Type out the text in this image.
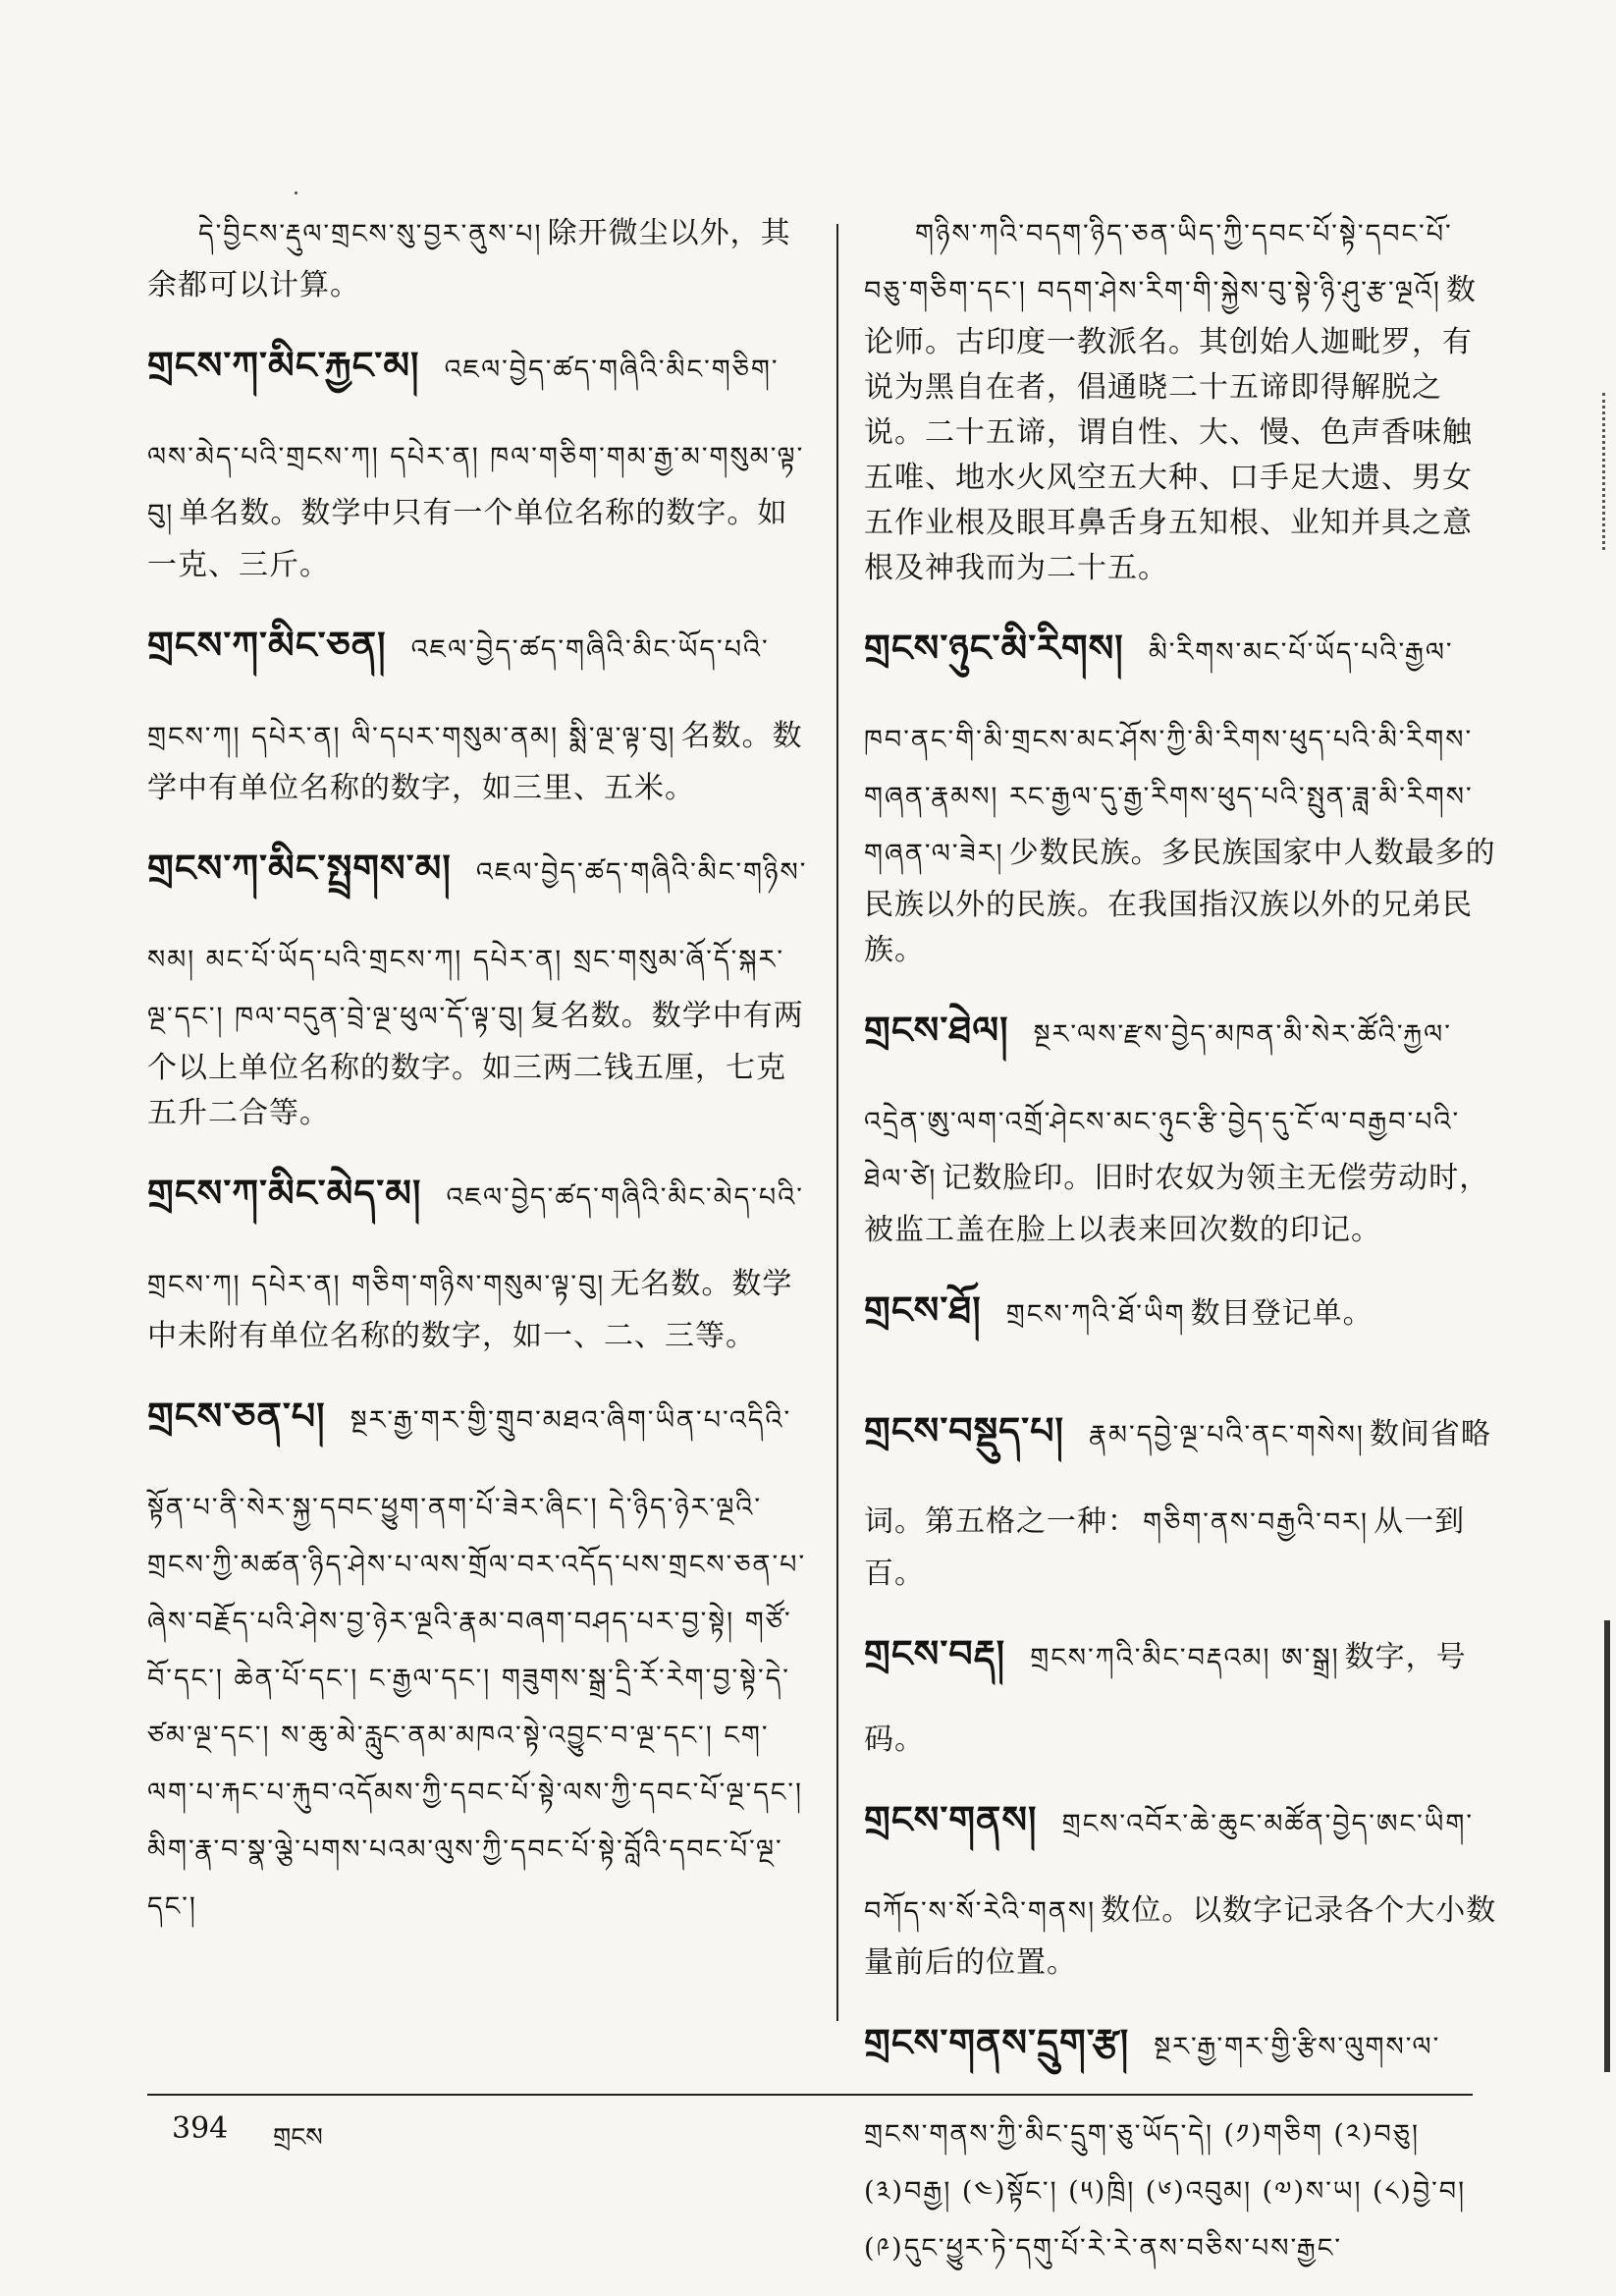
དེ་བྱིངས་རྡུལ་གྲངས་སུ་བྱར་ནུས་པ། 除开微尘以外，其余都可以计算。
གྲངས་ཀ་མིང་རྐྱང་མ། འཇལ་བྱེད་ཚད་གཞིའི་མིང་གཅིག་ལས་མེད་པའི་གྲངས་ཀ། དཔེར་ན། ཁལ་གཅིག་གམ་རྒྱ་མ་གསུམ་ལྟ་བུ། 单名数。数学中只有一个单位名称的数字。如一克、三斤。
གྲངས་ཀ་མིང་ཅན། འཇལ་བྱེད་ཚད་གཞིའི་མིང་ཡོད་པའི་གྲངས་ཀ། དཔེར་ན། ལི་དཔར་གསུམ་ནམ། སྨི་ལྔ་ལྟ་བུ། 名数。数学中有单位名称的数字，如三里、五米。
གྲངས་ཀ་མིང་སྤྲགས་མ། འཇལ་བྱེད་ཚད་གཞིའི་མིང་གཉིས་སམ། མང་པོ་ཡོད་པའི་གྲངས་ཀ། དཔེར་ན། སྲང་གསུམ་ཞོ་དོ་སྐར་ལྔ་དང་། ཁལ་བདུན་བྲེ་ལྔ་ཕུལ་དོ་ལྟ་བུ། 复名数。数学中有两个以上单位名称的数字。如三两二钱五厘，七克五升二合等。
གྲངས་ཀ་མིང་མེད་མ། འཇལ་བྱེད་ཚད་གཞིའི་མིང་མེད་པའི་གྲངས་ཀ། དཔེར་ན། གཅིག་གཉིས་གསུམ་ལྟ་བུ། 无名数。数学中未附有单位名称的数字，如一、二、三等。
གྲངས་ཅན་པ། སྔར་རྒྱ་གར་གྱི་གྲུབ་མཐའ་ཞིག་ཡིན་པ་འདིའི་སྟོན་པ་ནི་སེར་སྐྱ་དབང་ཕྱུག་ནག་པོ་ཟེར་ཞིང་། དེ་ཉིད་ཉེར་ལྔའི་གྲངས་ཀྱི་མཚན་ཉིད་ཤེས་པ་ལས་གྲོལ་བར་འདོད་པས་གྲངས་ཅན་པ་ཞེས་བརྗོད་པའི་ཤེས་བྱ་ཉེར་ལྔའི་རྣམ་བཞག་བཤད་པར་བྱ་སྟེ། གཙོ་བོ་དང་། ཆེན་པོ་དང་། ང་རྒྱལ་དང་། གཟུགས་སྒྲ་དྲི་རོ་རེག་བྱ་སྟེ་དེ་ཙམ་ལྔ་དང་། ས་ཆུ་མེ་རླུང་ནམ་མཁའ་སྟེ་འབྱུང་བ་ལྔ་དང་། ངག་ལག་པ་རྐང་པ་རྐུབ་འདོམས་ཀྱི་དབང་པོ་སྟེ་ལས་ཀྱི་དབང་པོ་ལྔ་དང་། མིག་རྣ་བ་སྣ་ལྕེ་པགས་པའམ་ལུས་ཀྱི་དབང་པོ་སྟེ་བློའི་དབང་པོ་ལྔ་དང་།
གཉིས་ཀའི་བདག་ཉིད་ཅན་ཡིད་ཀྱི་དབང་པོ་སྟེ་དབང་པོ་བཅུ་གཅིག་དང་། བདག་ཤེས་རིག་གི་སྐྱེས་བུ་སྟེ་ཉི་ཤུ་རྩ་ལྔའོ། 数论师。古印度一教派名。其创始人迦毗罗，有说为黑自在者，倡通晓二十五谛即得解脱之说。二十五谛，谓自性、大、慢、色声香味触五唯、地水火风空五大种、口手足大遗、男女五作业根及眼耳鼻舌身五知根、业知并具之意根及神我而为二十五。
གྲངས་ཉུང་མི་རིགས། མི་རིགས་མང་པོ་ཡོད་པའི་རྒྱལ་ཁབ་ནང་གི་མི་གྲངས་མང་ཤོས་ཀྱི་མི་རིགས་ཕུད་པའི་མི་རིགས་གཞན་རྣམས། རང་རྒྱལ་དུ་རྒྱ་རིགས་ཕུད་པའི་སྤུན་ཟླ་མི་རིགས་གཞན་ལ་ཟེར། 少数民族。多民族国家中人数最多的民族以外的民族。在我国指汉族以外的兄弟民族。
གྲངས་ཐེལ། སྔར་ལས་རྫས་བྱེད་མཁན་མི་སེར་ཚོའི་རྐྱལ་འདྲེན་ཨུ་ལག་འགྲོ་ཤེངས་མང་ཉུང་རྩི་བྱེད་དུ་ངོ་ལ་བརྒྱབ་པའི་ཐེལ་ཙེ། 记数脸印。旧时农奴为领主无偿劳动时，被监工盖在脸上以表来回次数的印记。
གྲངས་ཐོ། གྲངས་ཀའི་ཐོ་ཡིག 数目登记单。
གྲངས་བསྡུད་པ། རྣམ་དབྱེ་ལྔ་པའི་ནང་གསེས། 数间省略词。第五格之一种： གཅིག་ནས་བརྒྱའི་བར། 从一到百。
གྲངས་བརྡ། གྲངས་ཀའི་མིང་བརྡའམ། ཨ་སྒྲ། 数字，号码。
གྲངས་གནས། གྲངས་འབོར་ཆེ་ཆུང་མཚོན་བྱེད་ཨང་ཡིག་བཀོད་ས་སོ་རེའི་གནས། 数位。以数字记录各个大小数量前后的位置。
གྲངས་གནས་དྲུག་རྩ། སྔར་རྒྱ་གར་གྱི་རྩིས་ལུགས་ལ་གྲངས་གནས་ཀྱི་མིང་དྲུག་ཅུ་ཡོད་དེ། (༡)གཅིག (༢)བཅུ། (༣)བརྒྱ། (༤)སྟོང་། (༥)ཁྲི། (༦)འབུམ། (༧)ས་ཡ། (༨)བྱེ་བ། (༩)དུང་ཕྱུར་ཏེ་དགུ་པོ་རེ་རེ་ནས་བཅིས་པས་རྒྱང་
394 གྲངས
